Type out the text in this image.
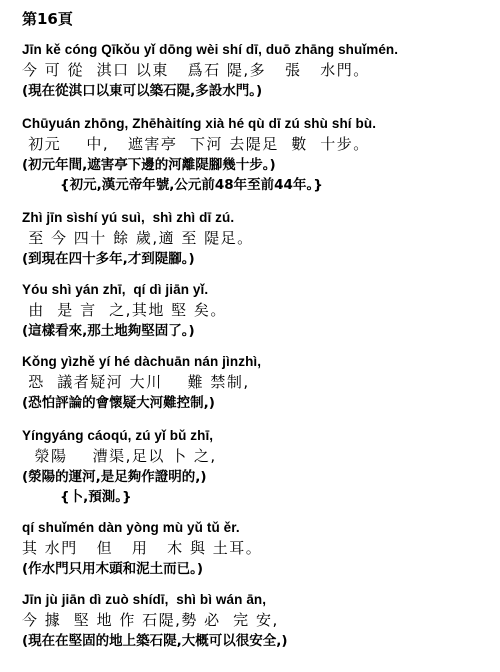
第16頁
Jīn kě cóng Qīkǒu yǐ dōng wèi shí dī, duō zhāng shuǐmén.
今 可 從  淇口 以東   爲石 隄,多   張   水門。
(現在從淇口以東可以築石隄,多設水門。)
Chūyuán zhōng, Zhēhàitíng xià hé qù dī zú shù shí bù.
初元    中,   遮害亭  下河 去隄足  數  十步。
(初元年間,遮害亭下邊的河離隄腳幾十步。)
{初元,漢元帝年號,公元前48年至前44年。}
Zhì jīn sìshí yú suì,  shì zhì dī zú.
至 今 四十 餘 歲,適 至 隄足。
(到現在四十多年,才到隄腳。)
Yóu shì yán zhī,  qí dì jiān yǐ.
由  是 言  之,其地 堅 矣。
(這樣看來,那土地夠堅固了。)
Kǒng yìzhě yí hé dàchuān nán jìnzhì,
恐  議者疑河 大川    難 禁制,
(恐怕評論的會懷疑大河難控制,)
Yíngyáng cáoqú, zú yǐ bǔ zhī,
滎陽    漕渠,足以 卜 之,
(滎陽的運河,是足夠作證明的,)
{卜,預測。}
qí shuǐmén dàn yòng mù yǔ tǔ ěr.
其 水門   但   用   木 與 土耳。
(作水門只用木頭和泥土而已。)
Jīn jù jiān dì zuò shídī,  shì bì wán ān,
今 據  堅 地 作 石隄,勢 必  完 安,
(現在在堅固的地上築石隄,大概可以很安全,)
